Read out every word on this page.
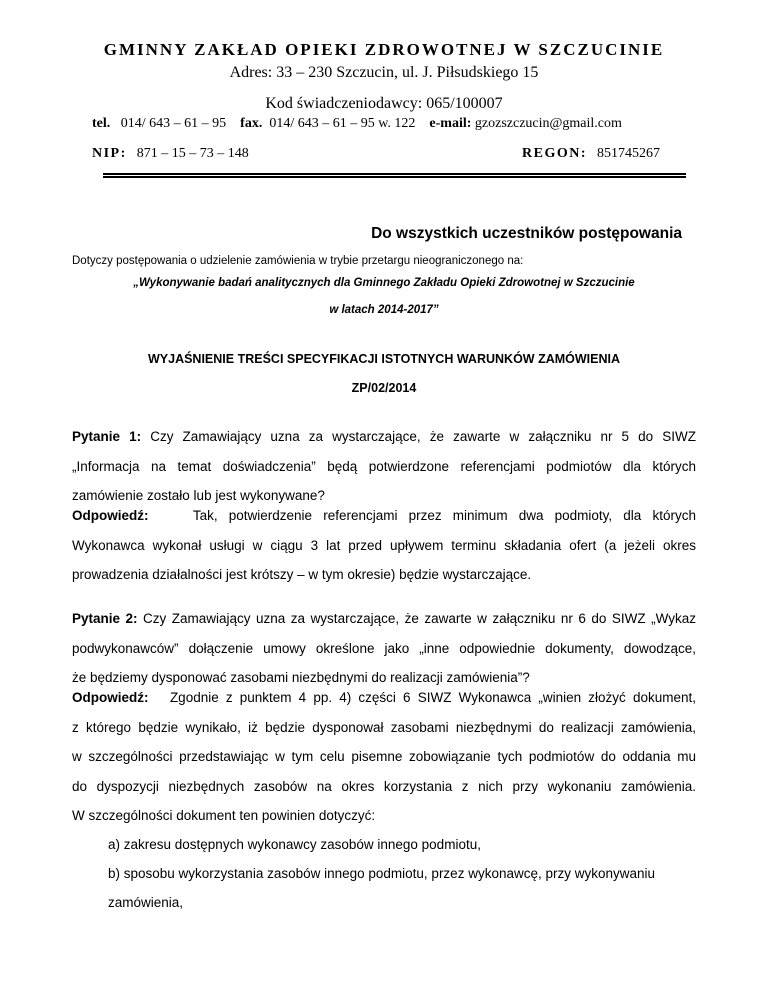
GMINNY ZAKŁAD OPIEKI ZDROWOTNEJ W SZCZUCINIE
Adres: 33 – 230 Szczucin, ul. J. Piłsudskiego 15
Kod świadczeniodawcy: 065/100007
tel. 014/ 643 – 61 – 95 fax. 014/ 643 – 61 – 95 w. 122 e-mail: gzozszczucin@gmail.com
NIP: 871 – 15 – 73 – 148	REGON: 851745267
Do wszystkich uczestników postępowania
Dotyczy postępowania o udzielenie zamówienia w trybie przetargu nieograniczonego na:
„Wykonywanie badań analitycznych dla Gminnego Zakładu Opieki Zdrowotnej w Szczucinie
w latach 2014-2017”
WYJAŚNIENIE TREŚCI SPECYFIKACJI ISTOTNYCH WARUNKÓW ZAMÓWIENIA
ZP/02/2014
Pytanie 1: Czy Zamawiający uzna za wystarczające, że zawarte w załączniku nr 5 do SIWZ
„Informacja na temat doświadczenia” będą potwierdzone referencjami podmiotów dla których
zamówienie zostało lub jest wykonywane?
Odpowiedź:	Tak, potwierdzenie referencjami przez minimum dwa podmioty, dla których
Wykonawca wykonał usługi w ciągu 3 lat przed upływem terminu składania ofert (a jeżeli okres
prowadzenia działalności jest krótszy – w tym okresie) będzie wystarczające.
Pytanie 2: Czy Zamawiający uzna za wystarczające, że zawarte w załączniku nr 6 do SIWZ „Wykaz
podwykonawców” dołączenie umowy określone jako „inne odpowiednie dokumenty, dowodzące,
że będziemy dysponować zasobami niezbędnymi do realizacji zamówienia”?
Odpowiedź: Zgodnie z punktem 4 pp. 4) części 6 SIWZ Wykonawca „winien złożyć dokument,
z którego będzie wynikało, iż będzie dysponował zasobami niezbędnymi do realizacji zamówienia,
w szczególności przedstawiając w tym celu pisemne zobowiązanie tych podmiotów do oddania mu
do dyspozycji niezbędnych zasobów na okres korzystania z nich przy wykonaniu zamówienia.
W szczególności dokument ten powinien dotyczyć:
a) zakresu dostępnych wykonawcy zasobów innego podmiotu,
b) sposobu wykorzystania zasobów innego podmiotu, przez wykonawcę, przy wykonywaniu
zamówienia,
